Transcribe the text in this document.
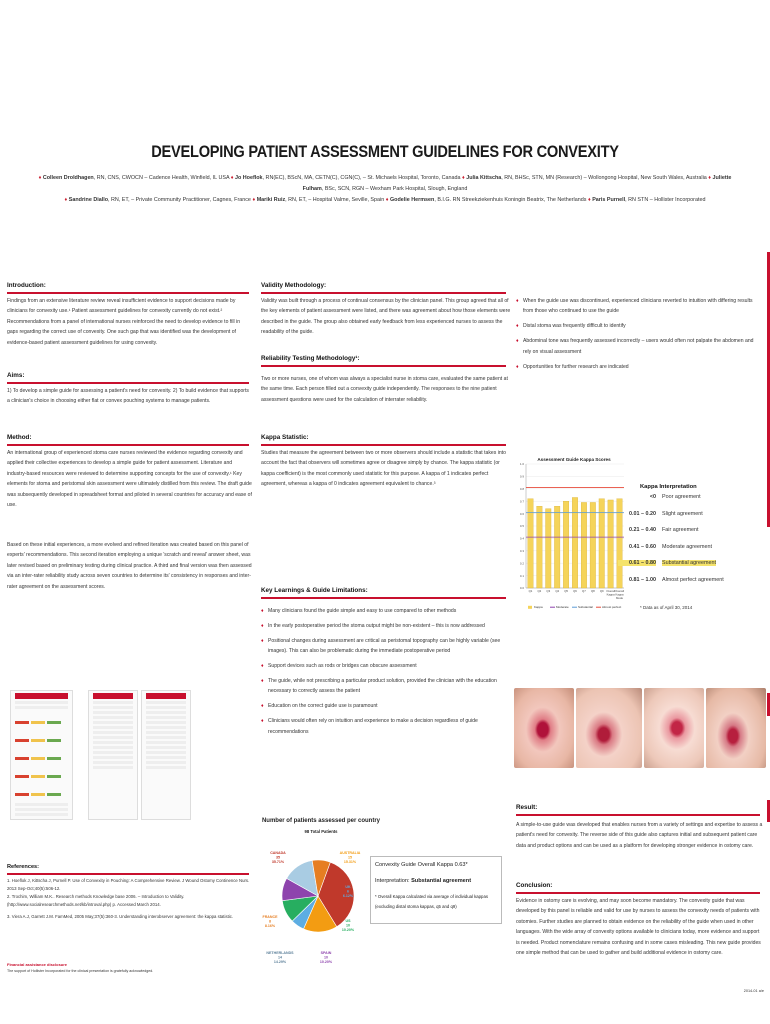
DEVELOPING PATIENT ASSESSMENT GUIDELINES FOR CONVEXITY
♦ Colleen Droldhagen, RN, CNS, CWOCN – Cadence Health, Winfield, IL USA ♦ Jo Hoeflok, RN(EC), BScN, MA, CETN(C), CGN(C), – St. Michaels Hospital, Toronto, Canada ♦ Julia Kittscha, RN, BHSc, STN, MN (Research) – Wollongong Hospital, New South Wales, Australia ♦ Juliette Fulham, BSc, SCN, RGN – Wexham Park Hospital, Slough, England
♦ Sandrine Diallo, RN, ET, – Private Community Practitioner, Cagnes, France ♦ Mariki Ruiz, RN, ET, – Hospital Valme, Seville, Spain ♦ Godelie Hermsen, B.I.G. RN Streekziekenhuis Koningin Beatrix, The Netherlands ♦ Paris Purnell, RN STN – Hollister Incorporated
Introduction:
Findings from an extensive literature review reveal insufficient evidence to support decisions made by clinicians for convexity use.¹ Patient assessment guidelines for convexity currently do not exist.² Recommendations from a panel of international nurses reinforced the need to develop evidence to fill in gaps regarding the correct use of convexity. One such gap that was identified was the development of evidence-based patient assessment guidelines for using convexity.
Aims:
1) To develop a simple guide for assessing a patient's need for convexity. 2) To build evidence that supports a clinician's choice in choosing either flat or convex pouching systems to manage patients.
Method:
An international group of experienced stoma care nurses reviewed the evidence regarding convexity and applied their collective experiences to develop a simple guide for patient assessment. Literature and industry-based resources were reviewed to determine supporting concepts for the use of convexity.¹ Key elements for stoma and peristomal skin assessment were ultimately distilled from this review. The draft guide was subsequently developed in spreadsheet format and piloted in several countries for accuracy and ease of use.
Based on these initial experiences, a more evolved and refined iteration was created based on this panel of experts' recommendations. This second iteration employing a unique 'scratch and reveal' answer sheet, was later revised based on preliminary testing during clinical practice. A third and final version was then assessed via an inter-rater reliability study across seven countries to determine its' consistency in responses and inter-rater agreement on the assessment scores.
References:
1. Hoeflok J, Kittscha J, Purnell P. Use of Convexity in Pouching: A Comprehensive Review. J Wound Ostomy Continence Nurs. 2013 Sep-Oct;40(5):506-12.
2. Trochim, William M.K.. Research methods Knowledge base 2006. – Introduction to Validity. (http://www.socialresearchmethods.net/kb/introval.php) p. Accessed March 2014.
3. Viera A.J, Garrett J.M. FamMed, 2005 May;37(5):360-3. Understanding interobserver agreement: the kappa statistic.
Financial assistance disclosure
The support of Hollister Incorporated for the clinical presentation is gratefully acknowledged.
Validity Methodology:
Validity was built through a process of continual consensus by the clinician panel. This group agreed that all of the key elements of patient assessment were listed, and there was agreement about how those elements were described in the guide. The group also obtained early feedback from less experienced nurses to assess the readability of the guide.
Reliability Testing Methodology¹:
Two or more nurses, one of whom was always a specialist nurse in stoma care, evaluated the same patient at the same time. Each person filled out a convexity guide independently. The responses to the nine patient assessment questions were used for the calculation of interrater reliability.
Kappa Statistic:
Studies that measure the agreement between two or more observers should include a statistic that takes into account the fact that observers will sometimes agree or disagree simply by chance. The kappa statistic (or kappa coefficient) is the most commonly used statistic for this purpose. A kappa of 1 indicates perfect agreement, whereas a kappa of 0 indicates agreement equivalent to chance.³
Key Learnings & Guide Limitations:
♦ Many clinicians found the guide simple and easy to use compared to other methods
♦ In the early postoperative period the stoma output might be non-existent – this is now addressed
♦ Positional changes during assessment are critical as peristomal topography can be highly variable (see images). This can also be problematic during the immediate postoperative period
♦ Support devices such as rods or bridges can obscure assessment
♦ The guide, while not prescribing a particular product solution, provided the clinician with the education necessary to correctly assess the patient
♦ Education on the correct guide use is paramount
♦ Clinicians would often rely on intuition and experience to make a decision regardless of guide recommendations
♦ When the guide use was discontinued, experienced clinicians reverted to intuition with differing results from those who continued to use the guide
♦ Distal stoma was frequently difficult to identify
♦ Abdominal tone was frequently assessed incorrectly – users would often not palpate the abdomen and rely on visual assessment
♦ Opportunities for further research are indicated
Assessment Guide Kappa Scores
0.0
0.1
0.2
0.3
0.4
0.5
0.6
0.7
0.8
0.9
1.0
Q1 Q2 Q3 Q4 Q5 Q6 Q7 Q8 Q9 Overall
Kappa
Overall
Kappa
Mode
Kappa	Moderate	Substantial	Almost perfect
Kappa Interpretation
<0 Poor agreement
0.01 – 0.20 Slight agreement
0.21 – 0.40 Fair agreement
0.41 – 0.60 Moderate agreement
0.61 – 0.80 Substantial agreement
0.81 – 1.00 Almost perfect agreement
* Data as of April 30, 2014
Number of patients assessed per country
98 Total Patients
CANADA
35
35.71%
AUSTRALIA
15
15.31%
UK
6
6.12%
US
10
10.20%
SPAIN
10
10.20%
NETHERLANDS
14
14.29%
FRANCE
8
8.16%
Convexity Guide Overall Kappa 0.63*
Interpretation: Substantial agreement
* Overall Kappa calculated via average of individual kappas (excluding distal stoma kappas, q5 and q9)
Result:
A simple-to-use guide was developed that enables nurses from a variety of settings and expertise to assess a patient's need for convexity. The reverse side of this guide also captures initial and subsequent patient care data and product options and can be used as a platform for developing stronger evidence in ostomy care.
Conclusion:
Evidence in ostomy care is evolving, and may soon become mandatory. The convexity guide that was developed by this panel is reliable and valid for use by nurses to assess the convexity needs of patients with ostomies. Further studies are planned to obtain evidence on the reliability of the guide when used in other languages. With the wide array of convexity options available to clinicians today, more evidence and support is needed. Product nomenclature remains confusing and in some cases misleading. This new guide provides one simple method that can be used to gather and build additional evidence in ostomy care.
2014-01 a/e
